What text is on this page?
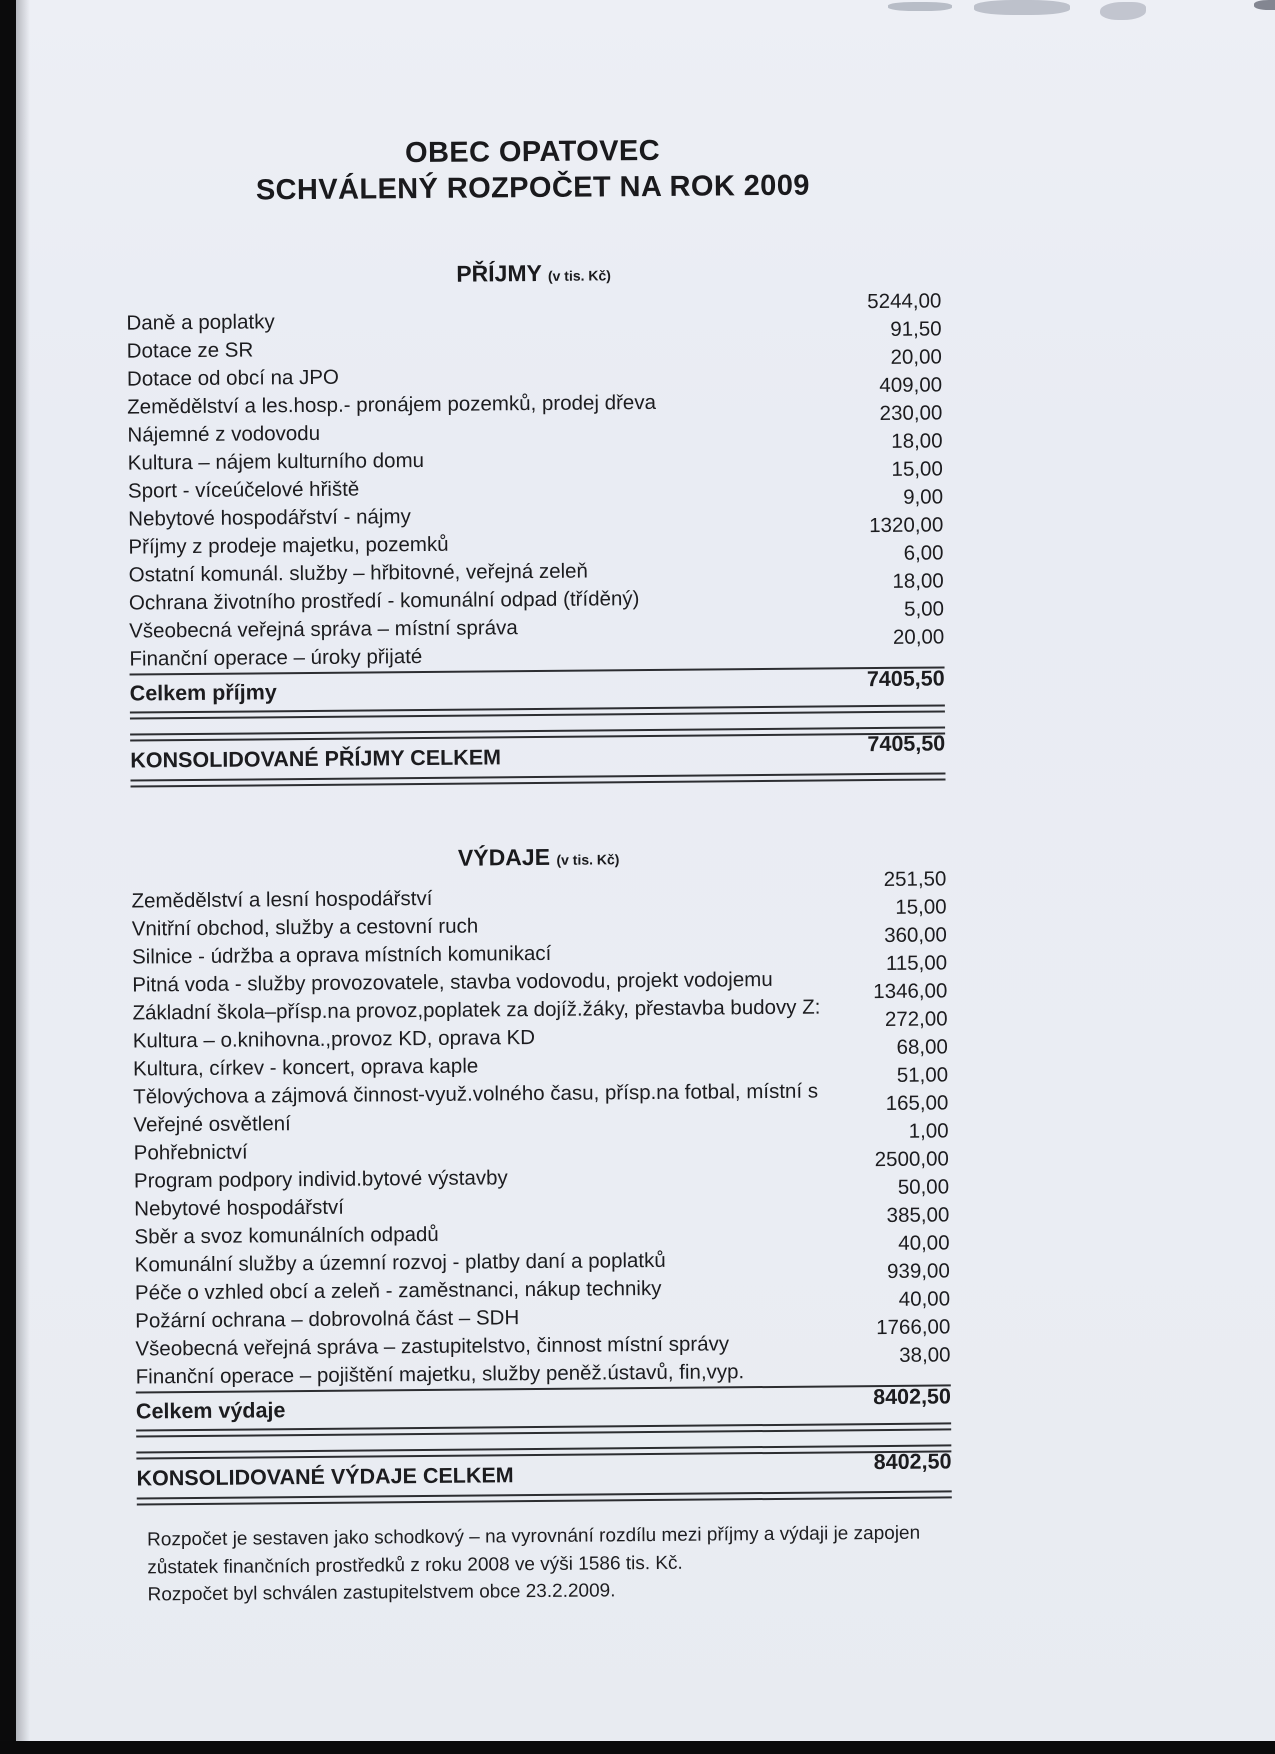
OBEC OPATOVEC
SCHVÁLENÝ ROZPOČET NA ROK 2009
PŘÍJMY (v tis. Kč)
Daně a poplatky
5244,00
Dotace ze SR
91,50
Dotace od obcí na JPO
20,00
Zemědělství a les.hosp.- pronájem pozemků, prodej dřeva
409,00
Nájemné z vodovodu
230,00
Kultura – nájem kulturního domu
18,00
Sport - víceúčelové hřiště
15,00
Nebytové hospodářství - nájmy
9,00
Příjmy z prodeje majetku, pozemků
1320,00
Ostatní komunál. služby – hřbitovné, veřejná zeleň
6,00
Ochrana životního prostředí - komunální odpad (tříděný)
18,00
Všeobecná veřejná správa – místní správa
5,00
Finanční operace – úroky přijaté
20,00
Celkem příjmy
7405,50
KONSOLIDOVANÉ PŘÍJMY CELKEM
7405,50
VÝDAJE (v tis. Kč)
Zemědělství a lesní hospodářství
251,50
Vnitřní obchod, služby a cestovní ruch
15,00
Silnice - údržba a oprava místních komunikací
360,00
Pitná voda - služby provozovatele, stavba vodovodu, projekt vodojemu
115,00
Základní škola–přísp.na provoz,poplatek za dojíž.žáky, přestavba budovy Z:
1346,00
Kultura – o.knihovna.,provoz KD, oprava KD
272,00
Kultura, církev - koncert, oprava kaple
68,00
Tělovýchova a zájmová činnost-využ.volného času, přísp.na fotbal, místní s
51,00
Veřejné osvětlení
165,00
Pohřebnictví
1,00
Program podpory individ.bytové výstavby
2500,00
Nebytové hospodářství
50,00
Sběr a svoz komunálních odpadů
385,00
Komunální služby a územní rozvoj - platby daní a poplatků
40,00
Péče o vzhled obcí a zeleň - zaměstnanci, nákup techniky
939,00
Požární ochrana – dobrovolná část – SDH
40,00
Všeobecná veřejná správa – zastupitelstvo, činnost místní správy
1766,00
Finanční operace – pojištění majetku, služby peněž.ústavů, fin,vyp.
38,00
Celkem výdaje
8402,50
KONSOLIDOVANÉ VÝDAJE CELKEM
8402,50
Rozpočet je sestaven jako schodkový – na vyrovnání rozdílu mezi příjmy a výdaji je zapojen
zůstatek finančních prostředků z roku 2008 ve výši 1586 tis. Kč.
Rozpočet byl schválen zastupitelstvem obce 23.2.2009.
